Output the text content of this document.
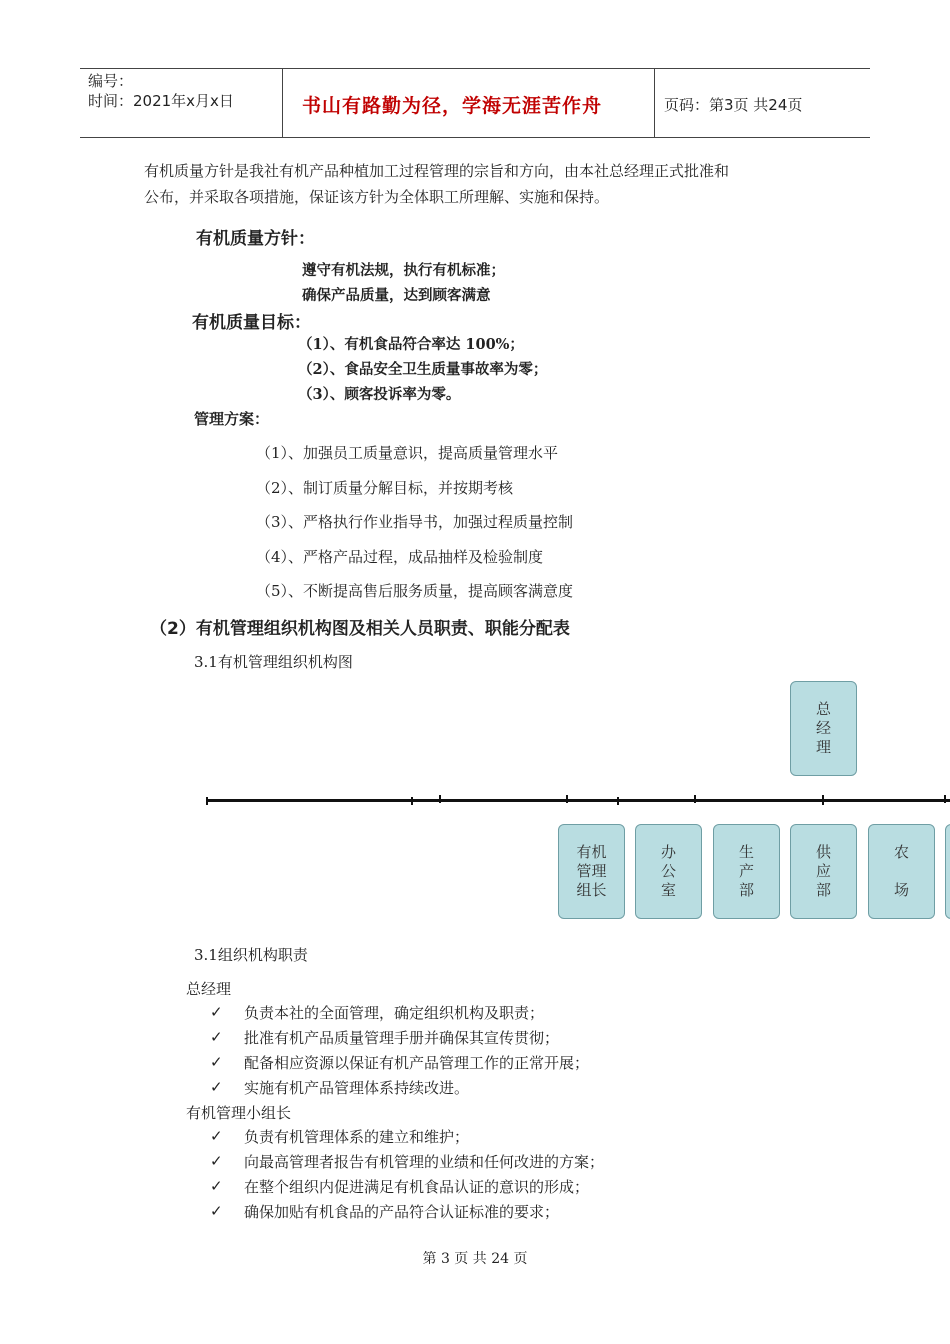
编号：
时间：2021年x月x日	书山有路勤为径，学海无涯苦作舟	页码：第3页 共24页
有机质量方针是我社有机产品种植加工过程管理的宗旨和方向，由本社总经理正式批准和
公布，并采取各项措施，保证该方针为全体职工所理解、实施和保持。
有机质量方针：
遵守有机法规，执行有机标准；
确保产品质量，达到顾客满意
有机质量目标：
（1）、有机食品符合率达 100%；
（2）、食品安全卫生质量事故率为零；
（3）、顾客投诉率为零。
管理方案：
（1）、加强员工质量意识，提高质量管理水平
（2）、制订质量分解目标，并按期考核
（3）、严格执行作业指导书，加强过程质量控制
（4）、严格产品过程，成品抽样及检验制度
（5）、不断提高售后服务质量，提高顾客满意度
（2）有机管理组织机构图及相关人员职责、职能分配表
3.1有机管理组织机构图
总
经
理
有机
管理
组长
办
公
室
生
产
部
供
应
部
农
场
3.1组织机构职责
总经理
✓ 负责本社的全面管理，确定组织机构及职责；
✓ 批准有机产品质量管理手册并确保其宣传贯彻；
✓ 配备相应资源以保证有机产品管理工作的正常开展；
✓ 实施有机产品管理体系持续改进。
有机管理小组长
✓ 负责有机管理体系的建立和维护；
✓ 向最高管理者报告有机管理的业绩和任何改进的方案；
✓ 在整个组织内促进满足有机食品认证的意识的形成；
✓ 确保加贴有机食品的产品符合认证标准的要求；
第 3 页 共 24 页
